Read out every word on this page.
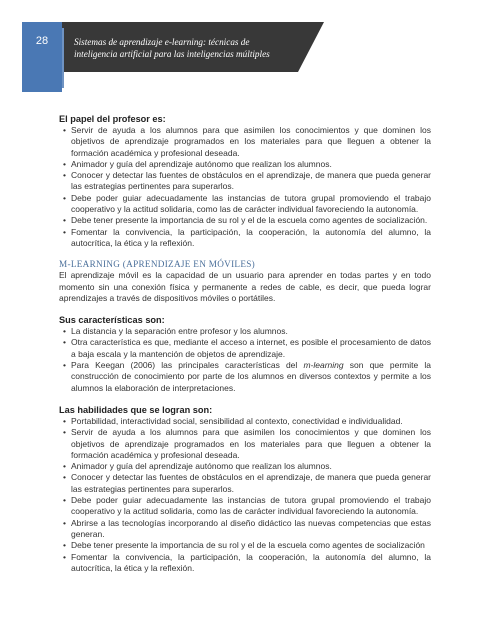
28	Sistemas de aprendizaje e-learning: técnicas de
inteligencia artificial para las inteligencias múltiples
El papel del profesor es:
• Servir de ayuda a los alumnos para que asimilen los conocimientos y que dominen los objetivos de aprendizaje programados en los materiales para que lleguen a obtener la formación académica y profesional deseada.
• Animador y guía del aprendizaje autónomo que realizan los alumnos.
• Conocer y detectar las fuentes de obstáculos en el aprendizaje, de manera que pueda generar las estrategias pertinentes para superarlos.
• Debe poder guiar adecuadamente las instancias de tutora grupal promoviendo el trabajo cooperativo y la actitud solidaria, como las de carácter individual favoreciendo la autonomía.
• Debe tener presente la importancia de su rol y el de la escuela como agentes de socialización.
• Fomentar la convivencia, la participación, la cooperación, la autonomía del alumno, la autocrítica, la ética y la reflexión.
M-LEARNING (APRENDIZAJE EN MÓVILES)

El aprendizaje móvil es la capacidad de un usuario para aprender en todas partes y en todo momento sin una conexión física y permanente a redes de cable, es decir, que pueda lograr aprendizajes a través de dispositivos móviles o portátiles.

Sus características son:
• La distancia y la separación entre profesor y los alumnos.
• Otra característica es que, mediante el acceso a internet, es posible el procesamiento de datos a baja escala y la mantención de objetos de aprendizaje.
• Para Keegan (2006) las principales características del m-learning son que permite la construcción de conocimiento por parte de los alumnos en diversos contextos y permite a los alumnos la elaboración de interpretaciones.
Las habilidades que se logran son:
• Portabilidad, interactividad social, sensibilidad al contexto, conectividad e individualidad.
• Servir de ayuda a los alumnos para que asimilen los conocimientos y que dominen los objetivos de aprendizaje programados en los materiales para que lleguen a obtener la formación académica y profesional deseada.
• Animador y guía del aprendizaje autónomo que realizan los alumnos.
• Conocer y detectar las fuentes de obstáculos en el aprendizaje, de manera que pueda generar las estrategias pertinentes para superarlos.
• Debe poder guiar adecuadamente las instancias de tutora grupal promoviendo el trabajo cooperativo y la actitud solidaria, como las de carácter individual favoreciendo la autonomía.
• Abrirse a las tecnologías incorporando al diseño didáctico las nuevas competencias que estas generan.
• Debe tener presente la importancia de su rol y el de la escuela como agentes de socialización
• Fomentar la convivencia, la participación, la cooperación, la autonomía del alumno, la autocrítica, la ética y la reflexión.
